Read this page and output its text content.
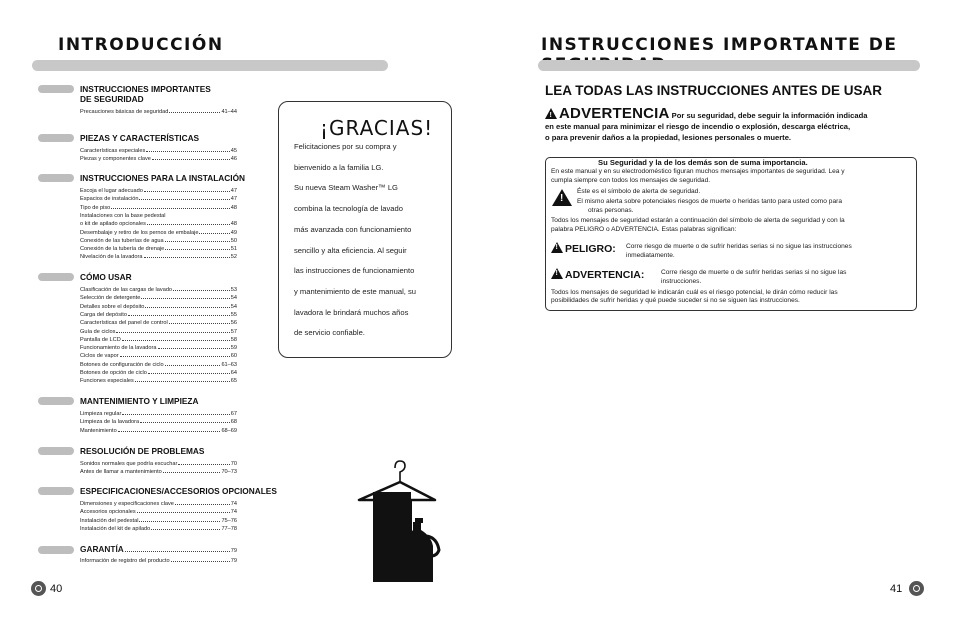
INTRODUCCIÓN
INSTRUCCIONES IMPORTANTES
DE SEGURIDAD
Precauciones básicas de seguridad	41–44
PIEZAS Y CARACTERÍSTICAS
Características especiales	45
Piezas y componentes clave	46
INSTRUCCIONES PARA LA INSTALACIÓN
Escoja el lugar adecuado	47
Espacios de instalación	47
Tipo de piso	48
Instalaciones con la base pedestal
o kit de apilado opcionales	48
Desembalaje y retiro de los pernos de embalaje	49
Conexión de las tuberías de agua	50
Conexión de la tubería de drenaje	51
Nivelación de la lavadora	52
CÓMO USAR
Clasificación de las cargas de lavado	53
Selección de detergente	54
Detalles sobre el depósito	54
Carga del depósito	55
Características del panel de control	56
Guía de ciclos	57
Pantalla de LCD	58
Funcionamiento de la lavadora	59
Ciclos de vapor	60
Botones de configuración de ciclo	61–63
Botones de opción de ciclo	64
Funciones especiales	65
MANTENIMIENTO Y LIMPIEZA
Limpieza regular	67
Limpieza de la lavadora	68
Mantenimiento	68–69
RESOLUCIÓN DE PROBLEMAS
Sonidos normales que podría escuchar	70
Antes de llamar a mantenimiento	70–73
ESPECIFICACIONES/ACCESORIOS OPCIONALES
Dimensiones y especificaciones clave	74
Accesorios opcionales	74
Instalación del pedestal	75–76
Instalación del kit de apilado	77–78
GARANTÍA	79
Información de registro del producto	79
¡GRACIAS!
Felicitaciones por su compra y
bienvenido a la familia LG.
Su nueva Steam Washer™ LG
combina la tecnología de lavado
más avanzada con funcionamiento
sencillo y alta eficiencia. Al seguir
las instrucciones de funcionamiento
y mantenimiento de este manual, su
lavadora le brindará muchos años
de servicio confiable.
40
INSTRUCCIONES IMPORTANTE DE
LEA TODAS LAS INSTRUCCIONES ANTES DE USAR
!ADVERTENCIA Por su seguridad, debe seguir la información indicada
en este manual para minimizar el riesgo de incendio o explosión, descarga eléctrica,
o para prevenir daños a la propiedad, lesiones personales o muerte.
Su Seguridad y la de los demás son de suma importancia.
En este manual y en su electrodoméstico figuran muchos mensajes importantes de seguridad. Lea y
cumpla siempre con todos los mensajes de seguridad.
!
Éste es el símbolo de alerta de seguridad.
El mismo alerta sobre potenciales riesgos de muerte o heridas tanto para usted como para
otras personas.
Todos los mensajes de seguridad estarán a continuación del símbolo de alerta de seguridad y con la
palabra PELIGRO o ADVERTENCIA. Estas palabras significan:
!PELIGRO: Corre riesgo de muerte o de sufrir heridas serias si no sigue las instrucciones
inmediatamente.
!ADVERTENCIA:	Corre riesgo de muerte o de sufrir heridas serias si no sigue las
instrucciones.
Todos los mensajes de seguridad le indicarán cuál es el riesgo potencial, le dirán cómo reducir las
posibilidades de sufrir heridas y qué puede suceder si no se siguen las instrucciones.
41
